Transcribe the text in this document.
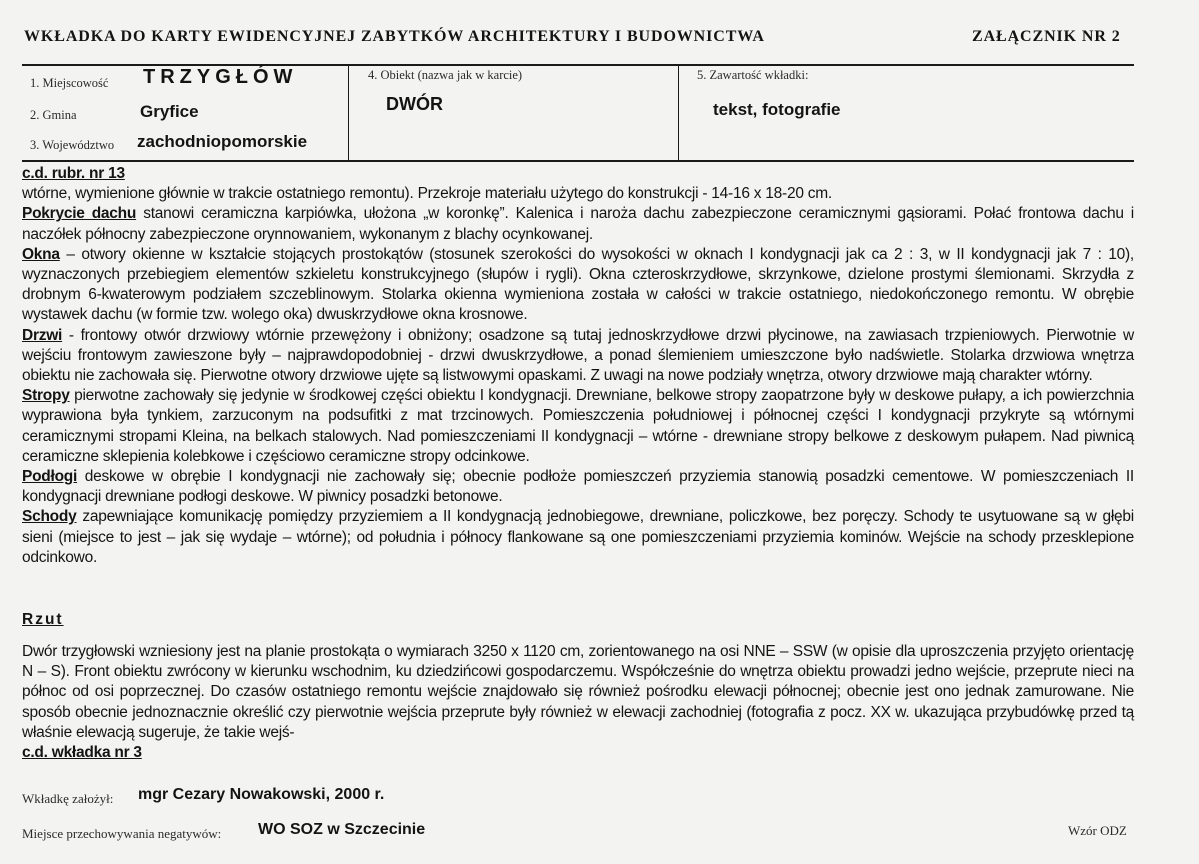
WKŁADKA DO KARTY EWIDENCYJNEJ ZABYTKÓW ARCHITEKTURY I BUDOWNICTWA	ZAŁĄCZNIK NR 2
1. Miejscowość TRZYGŁÓW
2. Gmina	Gryfice
3. Województwo zachodniopomorskie
4. Obiekt (nazwa jak w karcie)
DWÓR
5. Zawartość wkładki:
tekst, fotografie

c.d. rubr. nr 13

wtórne, wymienione głównie w trakcie ostatniego remontu). Przekroje materiału użytego do konstrukcji - 14-16 x 18-20 cm.

Pokrycie dachu stanowi ceramiczna karpiówka, ułożona „w koronkę”. Kalenica i naroża dachu zabezpieczone ceramicznymi gąsiorami. Połać frontowa dachu i naczółek północny zabezpieczone orynnowaniem, wykonanym z blachy ocynkowanej.

Okna – otwory okienne w kształcie stojących prostokątów (stosunek szerokości do wysokości w oknach I kondygnacji jak ca 2 : 3, w II kondygnacji jak 7 : 10), wyznaczonych przebiegiem elementów szkieletu konstrukcyjnego (słupów i rygli). Okna czteroskrzydłowe, skrzynkowe, dzielone prostymi ślemionami. Skrzydła z drobnym 6-kwaterowym podziałem szczeblinowym. Stolarka okienna wymieniona została w całości w trakcie ostatniego, niedokończonego remontu. W obrębie wystawek dachu (w formie tzw. wolego oka) dwuskrzydłowe okna krosnowe.

Drzwi - frontowy otwór drzwiowy wtórnie przewężony i obniżony; osadzone są tutaj jednoskrzydłowe drzwi płycinowe, na zawiasach trzpieniowych. Pierwotnie w wejściu frontowym zawieszone były – najprawdopodobniej - drzwi dwuskrzydłowe, a ponad ślemieniem umieszczone było nadświetle. Stolarka drzwiowa wnętrza obiektu nie zachowała się. Pierwotne otwory drzwiowe ujęte są listwowymi opaskami. Z uwagi na nowe podziały wnętrza, otwory drzwiowe mają charakter wtórny.

Stropy pierwotne zachowały się jedynie w środkowej części obiektu I kondygnacji. Drewniane, belkowe stropy zaopatrzone były w deskowe pułapy, a ich powierzchnia wyprawiona była tynkiem, zarzuconym na podsufitki z mat trzcinowych. Pomieszczenia południowej i północnej części I kondygnacji przykryte są wtórnymi ceramicznymi stropami Kleina, na belkach stalowych. Nad pomieszczeniami II kondygnacji – wtórne - drewniane stropy belkowe z deskowym pułapem. Nad piwnicą ceramiczne sklepienia kolebkowe i częściowo ceramiczne stropy odcinkowe.

Podłogi deskowe w obrębie I kondygnacji nie zachowały się; obecnie podłoże pomieszczeń przyziemia stanowią posadzki cementowe. W pomieszczeniach II kondygnacji drewniane podłogi deskowe. W piwnicy posadzki betonowe.

Schody zapewniające komunikację pomiędzy przyziemiem a II kondygnacją jednobiegowe, drewniane, policzkowe, bez poręczy. Schody te usytuowane są w głębi sieni (miejsce to jest – jak się wydaje – wtórne); od południa i północy flankowane są one pomieszczeniami przyziemia kominów. Wejście na schody przesklepione odcinkowo.

Rzut

Dwór trzygłowski wzniesiony jest na planie prostokąta o wymiarach 3250 x 1120 cm, zorientowanego na osi NNE – SSW (w opisie dla uproszczenia przyjęto orientację N – S). Front obiektu zwrócony w kierunku wschodnim, ku dziedzińcowi gospodarczemu. Współcześnie do wnętrza obiektu prowadzi jedno wejście, przeprute nieci na północ od osi poprzecznej. Do czasów ostatniego remontu wejście znajdowało się również pośrodku elewacji północnej; obecnie jest ono jednak zamurowane. Nie sposób obecnie jednoznacznie określić czy pierwotnie wejścia przeprute były również w elewacji zachodniej (fotografia z pocz. XX w. ukazująca przybudówkę przed tą właśnie elewacją sugeruje, że takie wejś-

c.d. wkładka nr 3

Wkładkę założył: mgr Cezary Nowakowski, 2000 r.
Miejsce przechowywania negatywów: WO SOZ w Szczecinie	Wzór ODZ
